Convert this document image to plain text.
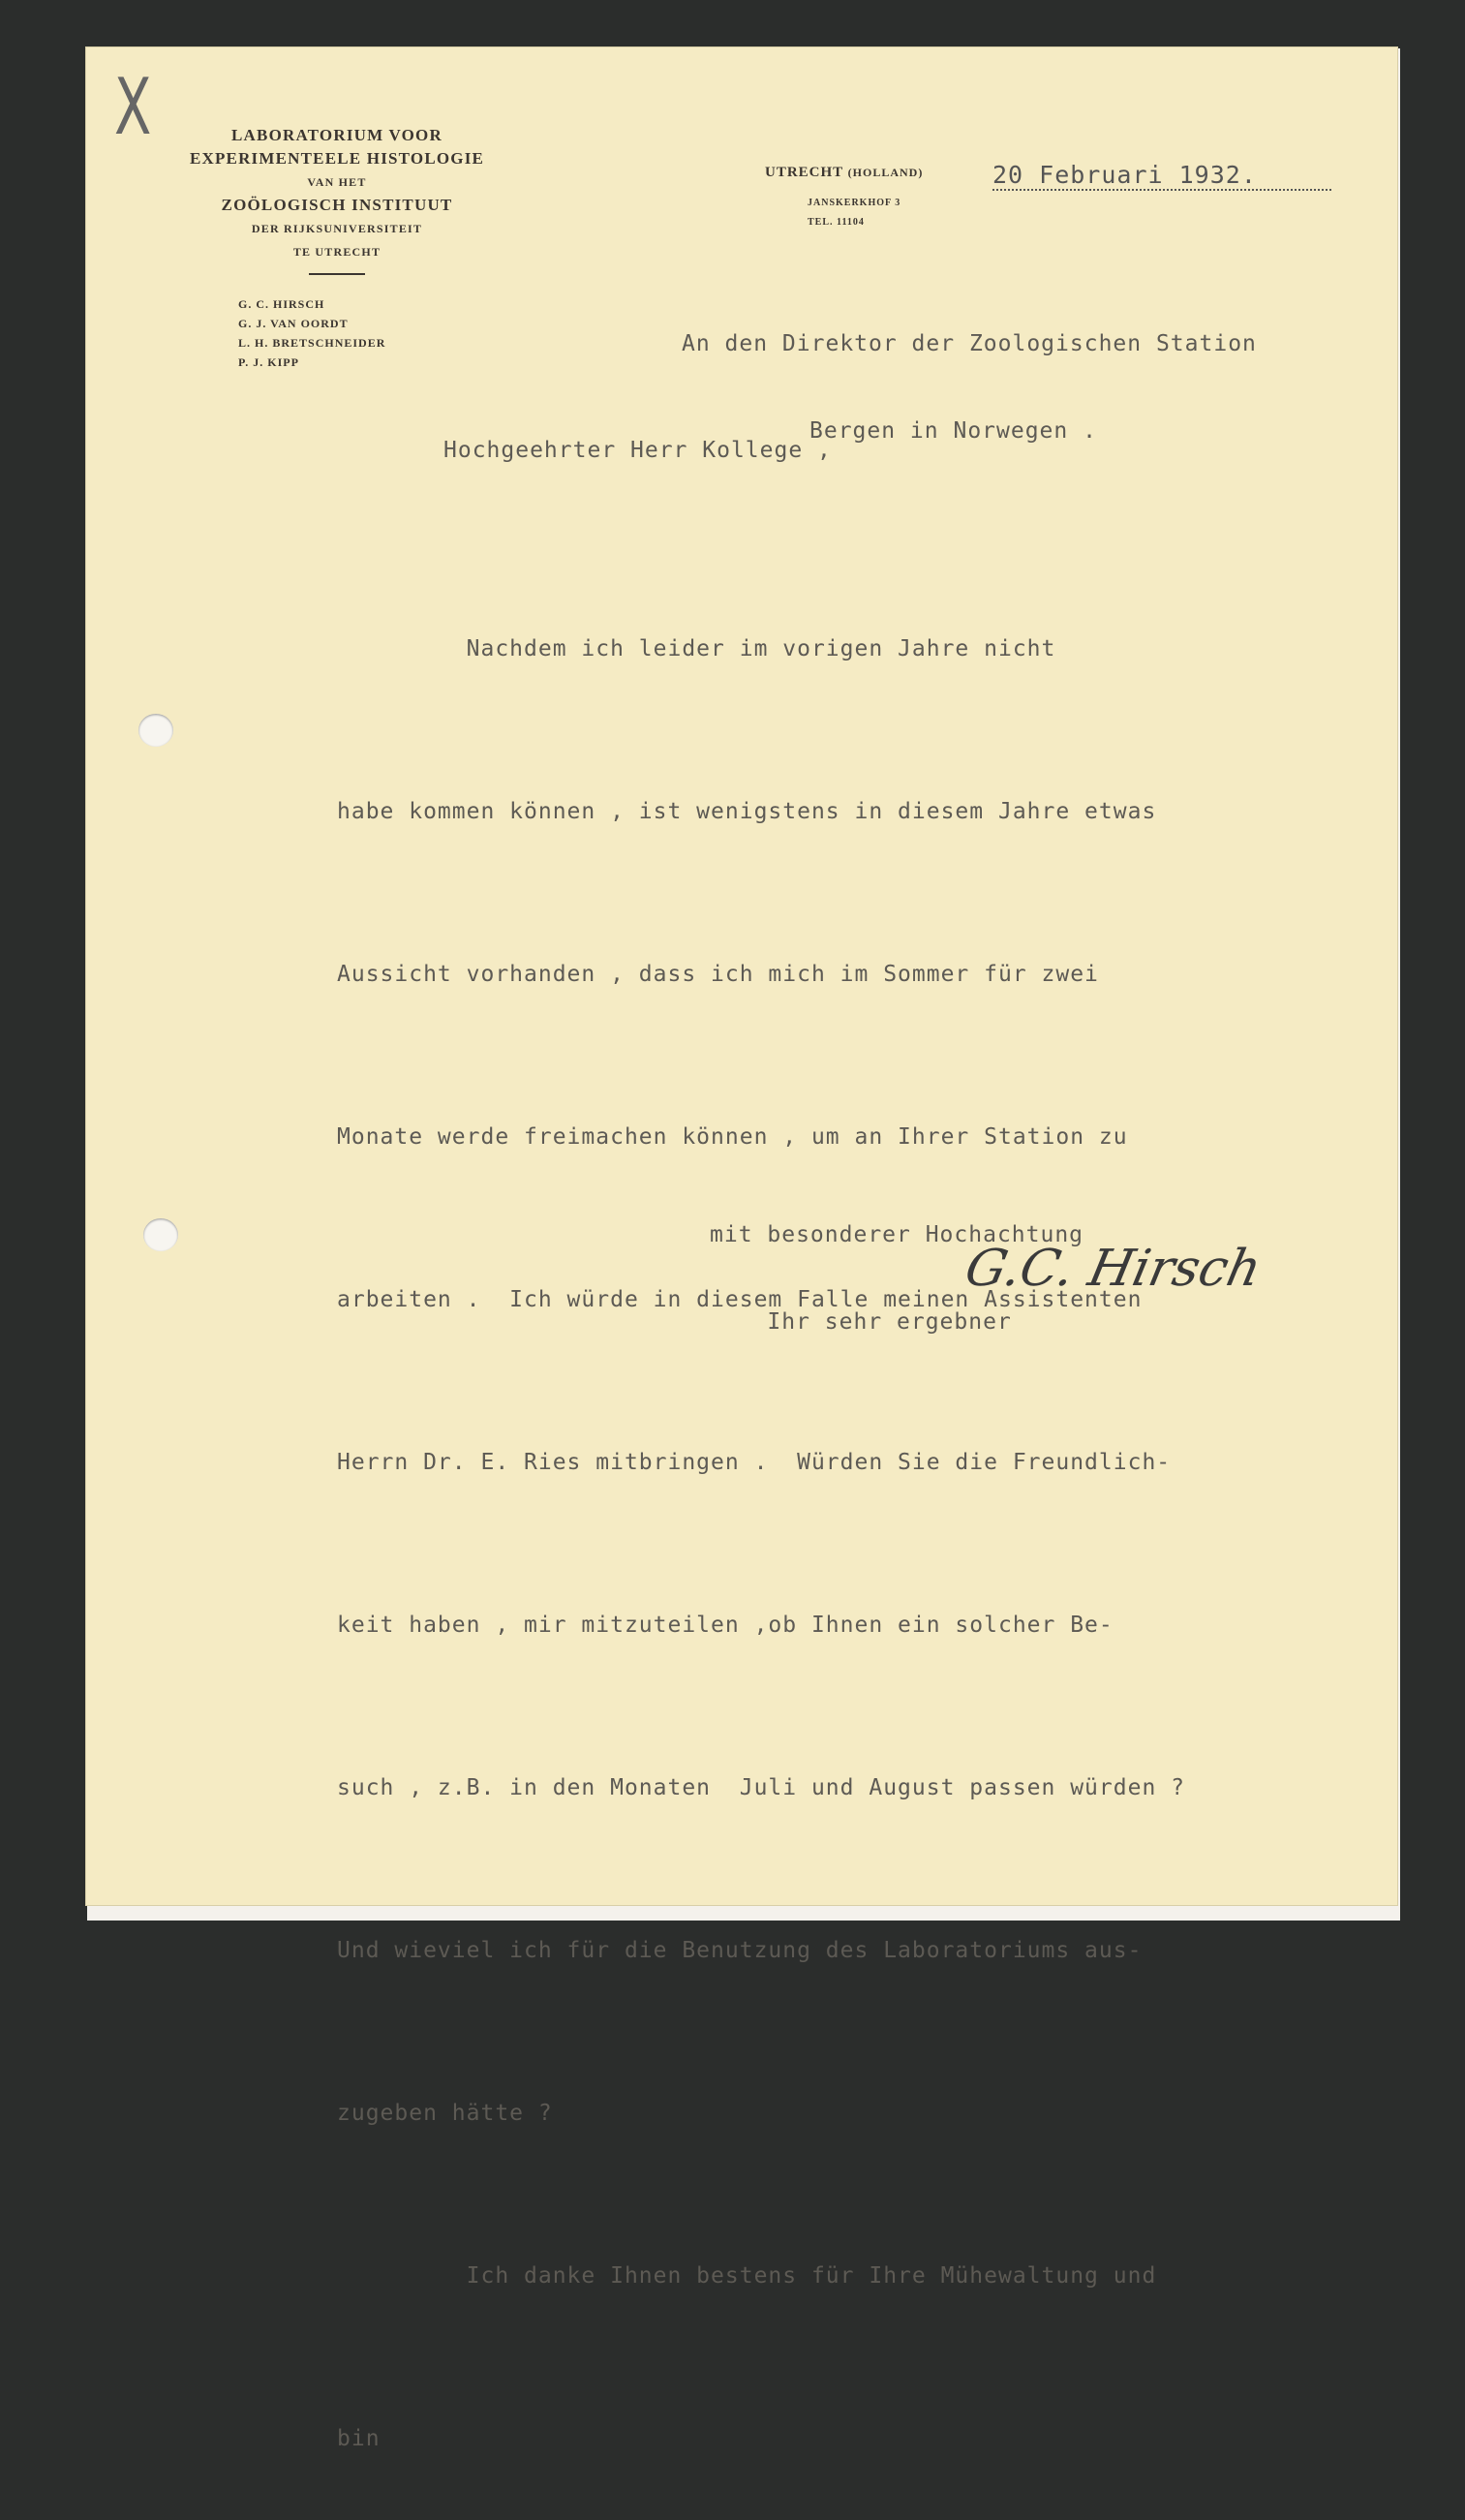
X	LABORATORIUM VOOR
EXPERIMENTEELE HISTOLOGIE
VAN HET
ZOÖLOGISCH INSTITUUT
DER RIJKSUNIVERSITEIT
TE UTRECHT
G. C. HIRSCH
G. J. VAN OORDT
L. H. BRETSCHNEIDER
P. J. KIPP
UTRECHT (HOLLAND)	20 Februari 1932.
JANSKERKHOF 3
TEL. 11104

An den Direktor der Zoologischen Station

Bergen in Norwegen .

Hochgeehrter Herr Kollege ,

Nachdem ich leider im vorigen Jahre nicht

habe kommen können , ist wenigstens in diesem Jahre etwas

Aussicht vorhanden , dass ich mich im Sommer für zwei

Monate werde freimachen können , um an Ihrer Station zu

arbeiten .  Ich würde in diesem Falle meinen Assistenten

Herrn Dr. E. Ries mitbringen .  Würden Sie die Freundlich-

keit haben , mir mitzuteilen ,ob Ihnen ein solcher Be-

such , z.B. in den Monaten  Juli und August passen würden ?

Und wieviel ich für die Benutzung des Laboratoriums aus-

zugeben hätte ?

Ich danke Ihnen bestens für Ihre Mühewaltung und

bin

mit besonderer Hochachtung

Ihr sehr ergebner

G.C. Hirsch
